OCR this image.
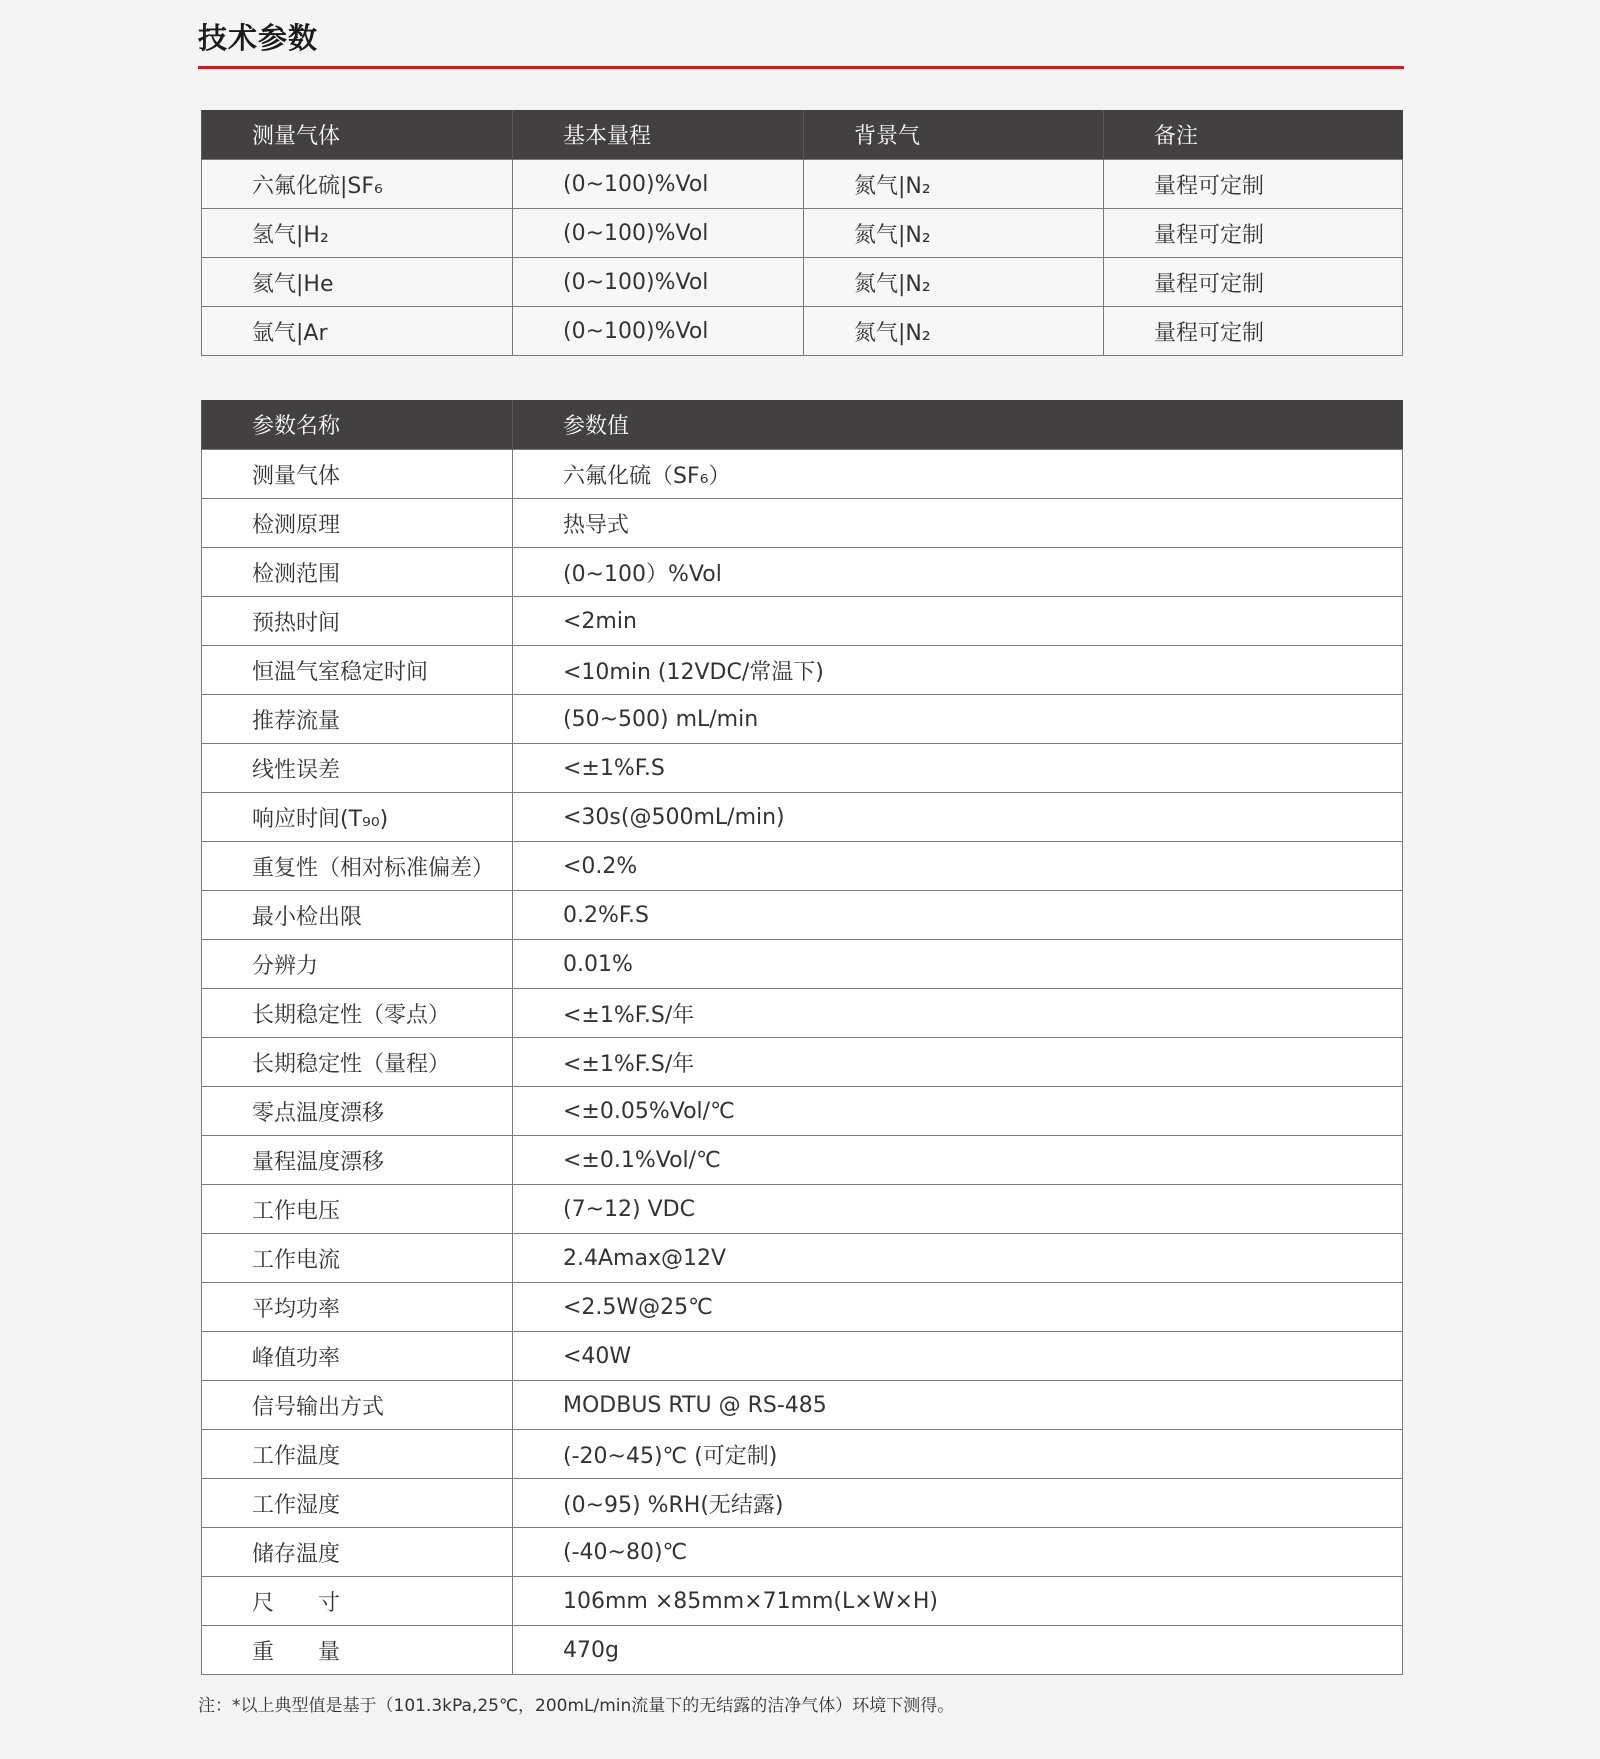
技术参数
测量气体	基本量程	背景气	备注
六氟化硫|SF₆	(0~100)%Vol	氮气|N₂	量程可定制
氢气|H₂	(0~100)%Vol	氮气|N₂	量程可定制
氦气|He	(0~100)%Vol	氮气|N₂	量程可定制
氩气|Ar	(0~100)%Vol	氮气|N₂	量程可定制
参数名称	参数值
测量气体	六氟化硫（SF₆）
检测原理	热导式
检测范围	(0~100）%Vol
预热时间	<2min
恒温气室稳定时间	<10min (12VDC/常温下)
推荐流量	(50~500) mL/min
线性误差	<±1%F.S
响应时间(T₉₀)	<30s(@500mL/min)
重复性（相对标准偏差）	<0.2%
最小检出限	0.2%F.S
分辨力	0.01%
长期稳定性（零点）	<±1%F.S/年
长期稳定性（量程）	<±1%F.S/年
零点温度漂移	<±0.05%Vol/℃
量程温度漂移	<±0.1%Vol/℃
工作电压	(7~12) VDC
工作电流	2.4Amax@12V
平均功率	<2.5W@25℃
峰值功率	<40W
信号输出方式	MODBUS RTU @ RS-485
工作温度	(-20~45)℃ (可定制)
工作湿度	(0~95) %RH(无结露)
储存温度	(-40~80)℃
尺　　寸	106mm ×85mm×71mm(L×W×H)
重　　量	470g
注：*以上典型值是基于（101.3kPa,25℃，200mL/min流量下的无结露的洁净气体）环境下测得。
